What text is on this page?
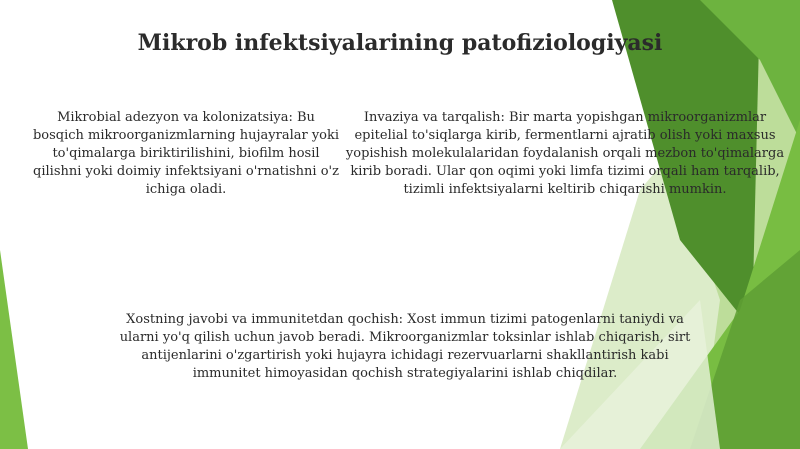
Mikrob infektsiyalarining patofiziologiyasi
Mikrobial adezyon va kolonizatsiya: Bu bosqich mikroorganizmlarning hujayralar yoki to'qimalarga biriktirilishini, biofilm hosil qilishni yoki doimiy infektsiyani o'rnatishni o'z ichiga oladi.
Invaziya va tarqalish: Bir marta yopishgan mikroorganizmlar epitelial to'siqlarga kirib, fermentlarni ajratib olish yoki maxsus yopishish molekulalaridan foydalanish orqali mezbon to'qimalarga kirib boradi. Ular qon oqimi yoki limfa tizimi orqali ham tarqalib, tizimli infektsiyalarni keltirib chiqarishi mumkin.
Xostning javobi va immunitetdan qochish: Xost immun tizimi patogenlarni taniydi va ularni yo'q qilish uchun javob beradi. Mikroorganizmlar toksinlar ishlab chiqarish, sirt antijenlarini o'zgartirish yoki hujayra ichidagi rezervuarlarni shakllantirish kabi immunitet himoyasidan qochish strategiyalarini ishlab chiqdilar.
